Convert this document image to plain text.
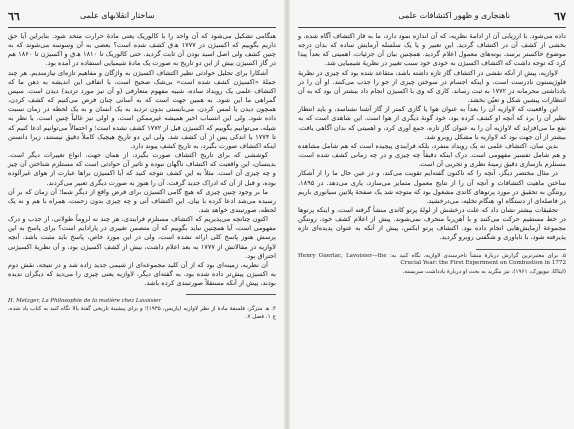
٦٦	ساختار انقلابهای علمی

هنگامی تشکیل می‌شود که آن واحد را با کالوریک یعنی مادهٔ حرارت متحد شود. بنابراین آیا حق داریم بگوییم که اکسیژن در ۱۷۷۷ ه‍.ق کشف شده است؟ بعضی به آن وسوسه می‌شوند که به چنین کشف ولی اصل اسید بودن آن ثابت گردید. حتی کالوریک تا ۱۸۱۰ ه‍.ق و اکسیژن تا ۱۸۶۰ هم در گاز اکسیژن بیش از این دو تاریخ به صورت یک مادهٔ شیمیایی استفاده در آمده بود.

آشکارا برای تحلیل حوادثی نظیر اکتشاف اکسیژن به واژگان و مفاهیم تازه‌ای نیازمندیم. هر چند جملهٔ «اکسیژن کشف شده است» بی‌شک صحیح است، با اتفاقی این اندیشه به ذهن ما که اکتشاف علمی یک رویداد ساده، شبیه مفهوم متعارفی (و آن نیز مورد تردید) دیدن است. سپس گمراهی ما این شود. به همین جهت است که به آسانی چنان فرض می‌کنیم که کشف کردن، همچون دیدن یا لمس کردن، می‌بایستی بدون تردید به یک انسان و به یک لحظه در زمان نسبت داده شود. ولی این انتساب اخیر همیشه غیرممکن است، و اولی نیز غالباً چنین است. با نظر به شیله، می‌توانیم بگوییم که اکسیژن قبل از ۱۷۷۲ کشف نشده است؛ و احتمالاً می‌توانیم ادعا کنیم که تا ۱۷۷۴ یا اندکی پس از آن کشف شد. ولی این دو تاریخ هیچیک کاملاً دقیق نیستند، زیرا دانستن اینکه اکتشاف صورت بگیرد، به تاریخ کشف پیوند دارد.

کوششی که برای تاریخ اکتشاف صورت بگیرد، از همان جهت، انواع تغییرات دیگر است. بدینسان، این واقعیت که اکتشاف ناگهان نبوده و تاثیر آن حوادثی است که مستلزم شناختن آن چیز و چه چیزی آن است. مثلاً به این کشف نتوجه کنید که آیا اکسیژن براها عبارت از هوای غیرآلوده بوده، و قبل از آن که ادراک جدید گرفت، آن را هنوز به صورت دیگری تعبیر می‌کردند.

ما بر وجود چنین چیزی که هیچ گامی اکسیژن برای فرض واقع از دیگر شما؛ آن زمان که بر آن رسیده می‌شد ادعا کرده با بیان. این اکتشاف آنی و چه چیزی بدون زحمت، همراه با هم و نه یک لحظه، صورتبندی خواهد شد.

اکنون چنانچه می‌پذیریم که اکتشاف مستلزم فرایندی، هر چند نه لزوماً طولانی، از جذب و درک مفهومی است، آیا همچنین نباید بگوییم که آن متضمن تغییری در پارادایم است؟ برای پاسخ به این پرسش هنوز پاسخ کلی ارائه نشده است، ولی در این مورد خاص، پاسخ باید مثبت باشد. آنچه لاوازیه در مقالاتش از ۱۷۷۷ به بعد اعلام داشت، بیش از کشف اکسیژن بود، و آن نظریهٔ اکسیژنی احتراق بود.

آن نظریه، زمینه‌ای بود که از آن کلید مجموعه‌ای از شیمی جدید زاده شد و در نتیجه، نقش دوم به اکسیژن پیش‌تر داده شده بود. به گفته‌ای دیگر، لاوازیه یعنی چیزی را می‌دید که دیگران ندیده بودند، پیش از آنکه مستقلاً صورتبندی کرده باشد.

H. Metzger, La Philosophie de la matière chez Lavoisier

۴. ه‍. متزگر، فلسفهٔ مادهٔ از نظر لاوازیه (پاریس، ۱۹۳۵)؛ و برای پیشینهٔ تاریخی گفتهٔ بالا نگاه کنید به کتاب یاد شده، ج ۱، فصل ۷.

ناهنجاری و ظهور اکتشافات علمی	٦٧

داده می‌شود. با ارزیابی آن از ادامهٔ نظریه، که آن اندازه نمود دارد، ما به فاز اکتشاف آگاه شده، و بخشی از کشف آن در اکتشاف گردید. این تعبیر و یا یک سلسله آزمایش ساده که بدان درجه موضوع خاکستر برسد، بوته‌های معمول اعلام گردید. همچنین بیان آن جزئیات، اهمیتی که بعداً پیدا کرد که توجه داشت که اکتشاف اکسیژن به خودی خود سبب تغییر در نظریهٔ شیمیایی شد.

لاوازیه، پیش از آنکه نقشی در اکتشاف گاز تازه داشته باشد، متقاعد شده بود که چیزی در نظریهٔ فلوژیستون نادرست است، و اینکه اجسام در سوختن چیزی از جو را جذب می‌کنند. او آن را در یادداشتی محرمانه در ۱۷۷۲ به ثبت رساند. کاری که وی با اکسیژن انجام داد بیشتر آن بود که به آن انتظارات پیشین شکل و تعیّن بخشد.

این واقعیت که لاوازیه آن را بعداً به عنوان هوا یا گازی کمتر از گاز آشنا نشناسد، و باید انتظار نظیر آن را برد که آنچه او کشف کرده بود، خود گونهٔ دیگری از هوا است. این شاهدی است که به نفع ما می‌افزاید که لاوازیه آن را به عنوان گاز تازه، جمع آوری کرد، و اهمیتی که بدان آگاهی یافت، بیشتر از آن جهت بود که لاوازیه با مشکل روبرو شد.

بدین سان، اکتشاف علمی نه یک رویداد منفرد، بلکه فرایندی پیچیده است که هم شامل مشاهده و هم شامل تفسیر مفهومی است. درک اینکه دقیقاً چه چیزی و در چه زمانی کشف شده است، مستلزم بازسازی دقیق زمینهٔ نظری و تجربی آن است.

در مثال مختصر دیگر، آنچه را که تاکنون گفته‌ایم تقویت می‌کند، و در عین حال ما را از آشکار ساختن ماهیت اکتشافات و آنچه آن را از نتایج معمول متمایز می‌سازد، یاری می‌دهد. در ۱۸۹۵، رونتگن به تحقیق در مورد پرتوهای کاتدی مشغول بود که متوجه شد یک صفحهٔ پلاتین سیانوری باریم در فاصله‌ای از دستگاه او، هنگام تخلیه، می‌درخشید.

تحقیقات بیشتر نشان داد که علت درخشش از لولهٔ پرتو کاتدی منشأ گرفته است، و اینکه پرتوها در خط مستقیم حرکت می‌کنند و با آهن‌ربا منحرف نمی‌شوند. پیش از اعلام کشف خود، رونتگن مجموعهٔ آزمایش‌هایی انجام داده بود. اکتشاف پرتو ایکس، پیش از آنکه به عنوان پدیده‌ای تازه پذیرفته شود، با ناباوری و شگفتی روبرو گردید.

۵. برای معتبرترین گزارش دربارهٔ منشأ ناخرسندی لاوازیه، نگاه کنید به: Henry Guerlac, Lavoisier—the Crucial Year: the First Experiment on Combustion in 1772

(ایتاکا، نیویورک، ۱۹۶۱). نیز بنگرید به بحث او دربارهٔ یادداشت سربسته.
